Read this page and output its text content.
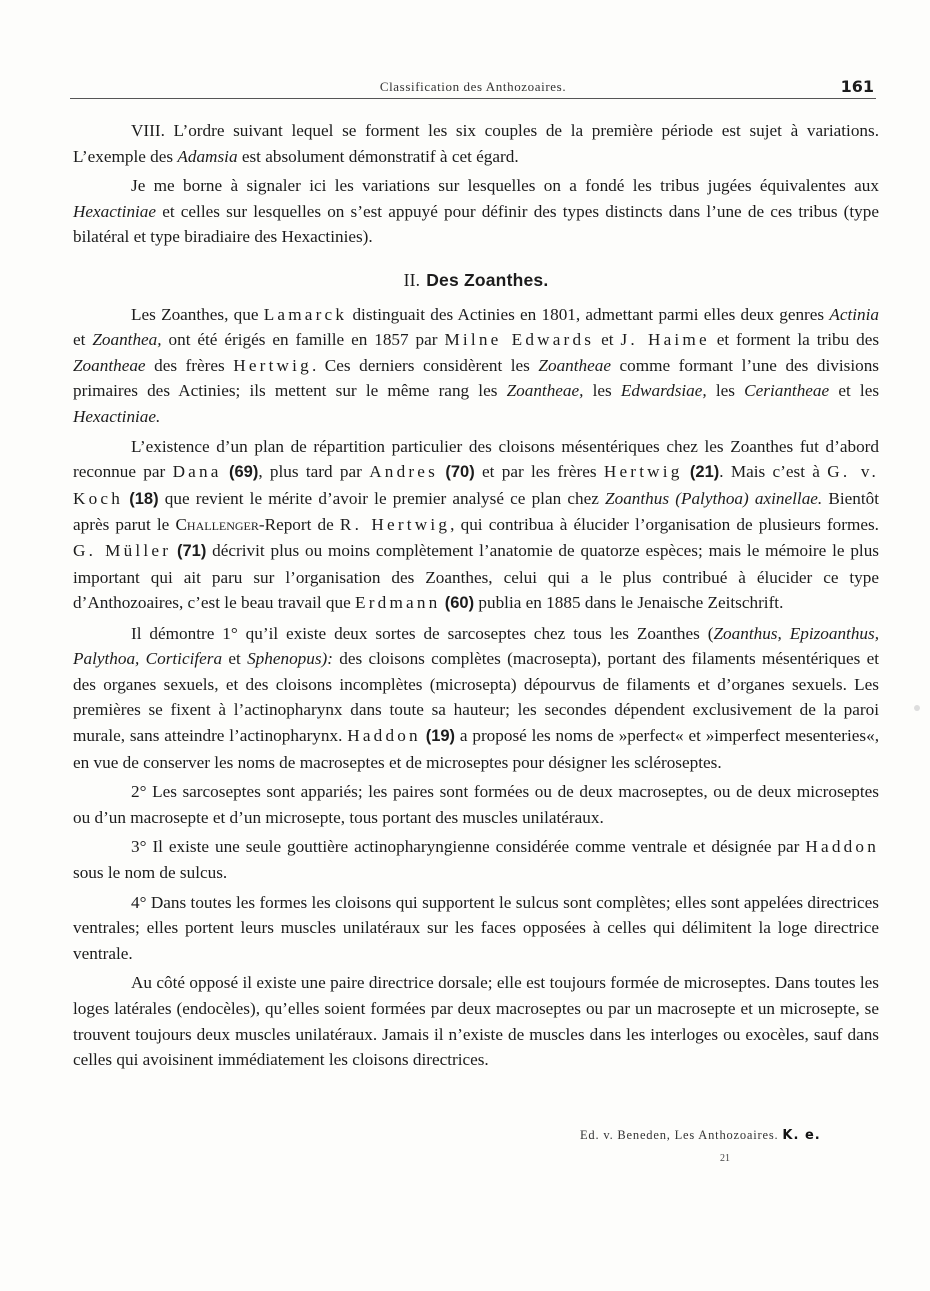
Classification des Anthozoaires.	161

VIII. L’ordre suivant lequel se forment les six couples de la première période est sujet à variations. L’exemple des Adamsia est absolument démonstratif à cet égard.

Je me borne à signaler ici les variations sur lesquelles on a fondé les tribus jugées équivalentes aux Hexactiniae et celles sur lesquelles on s’est appuyé pour définir des types distincts dans l’une de ces tribus (type bilatéral et type biradiaire des Hexactinies).

II. Des Zoanthes.

Les Zoanthes, que Lamarck distinguait des Actinies en 1801, admettant parmi elles deux genres Actinia et Zoanthea, ont été érigés en famille en 1857 par Milne Edwards et J. Haime et forment la tribu des Zoantheae des frères Hertwig. Ces derniers considèrent les Zoantheae comme formant l’une des divisions primaires des Actinies; ils mettent sur le même rang les Zoantheae, les Edwardsiae, les Ceriantheae et les Hexactiniae.

L’existence d’un plan de répartition particulier des cloisons mésentériques chez les Zoanthes fut d’abord reconnue par Dana (69), plus tard par Andres (70) et par les frères Hertwig (21). Mais c’est à G. v. Koch (18) que revient le mérite d’avoir le premier analysé ce plan chez Zoanthus (Palythoa) axinellae. Bientôt après parut le Challenger-Report de R. Hertwig, qui contribua à élucider l’organisation de plusieurs formes. G. Müller (71) décrivit plus ou moins complètement l’anatomie de quatorze espèces; mais le mémoire le plus important qui ait paru sur l’organisation des Zoanthes, celui qui a le plus contribué à élucider ce type d’Anthozoaires, c’est le beau travail que Erdmann (60) publia en 1885 dans le Jenaische Zeitschrift.

Il démontre 1° qu’il existe deux sortes de sarcoseptes chez tous les Zoanthes (Zoanthus, Epizoanthus, Palythoa, Corticifera et Sphenopus): des cloisons complètes (macrosepta), portant des filaments mésentériques et des organes sexuels, et des cloisons incomplètes (microsepta) dépourvus de filaments et d’organes sexuels. Les premières se fixent à l’actinopharynx dans toute sa hauteur; les secondes dépendent exclusivement de la paroi murale, sans atteindre l’actinopharynx. Haddon (19) a proposé les noms de »perfect« et »imperfect mesenteries«, en vue de conserver les noms de macroseptes et de microseptes pour désigner les scléroseptes.

2° Les sarcoseptes sont appariés; les paires sont formées ou de deux macroseptes, ou de deux microseptes ou d’un macrosepte et d’un microsepte, tous portant des muscles unilatéraux.

3° Il existe une seule gouttière actinopharyngienne considérée comme ventrale et désignée par Haddon sous le nom de sulcus.

4° Dans toutes les formes les cloisons qui supportent le sulcus sont complètes; elles sont appelées directrices ventrales; elles portent leurs muscles unilatéraux sur les faces opposées à celles qui délimitent la loge directrice ventrale.

Au côté opposé il existe une paire directrice dorsale; elle est toujours formée de microseptes. Dans toutes les loges latérales (endocèles), qu’elles soient formées par deux macroseptes ou par un macrosepte et un microsepte, se trouvent toujours deux muscles unilatéraux. Jamais il n’existe de muscles dans les interloges ou exocèles, sauf dans celles qui avoisinent immédiatement les cloisons directrices.

Ed. v. Beneden, Les Anthozoaires. K. e.
21
